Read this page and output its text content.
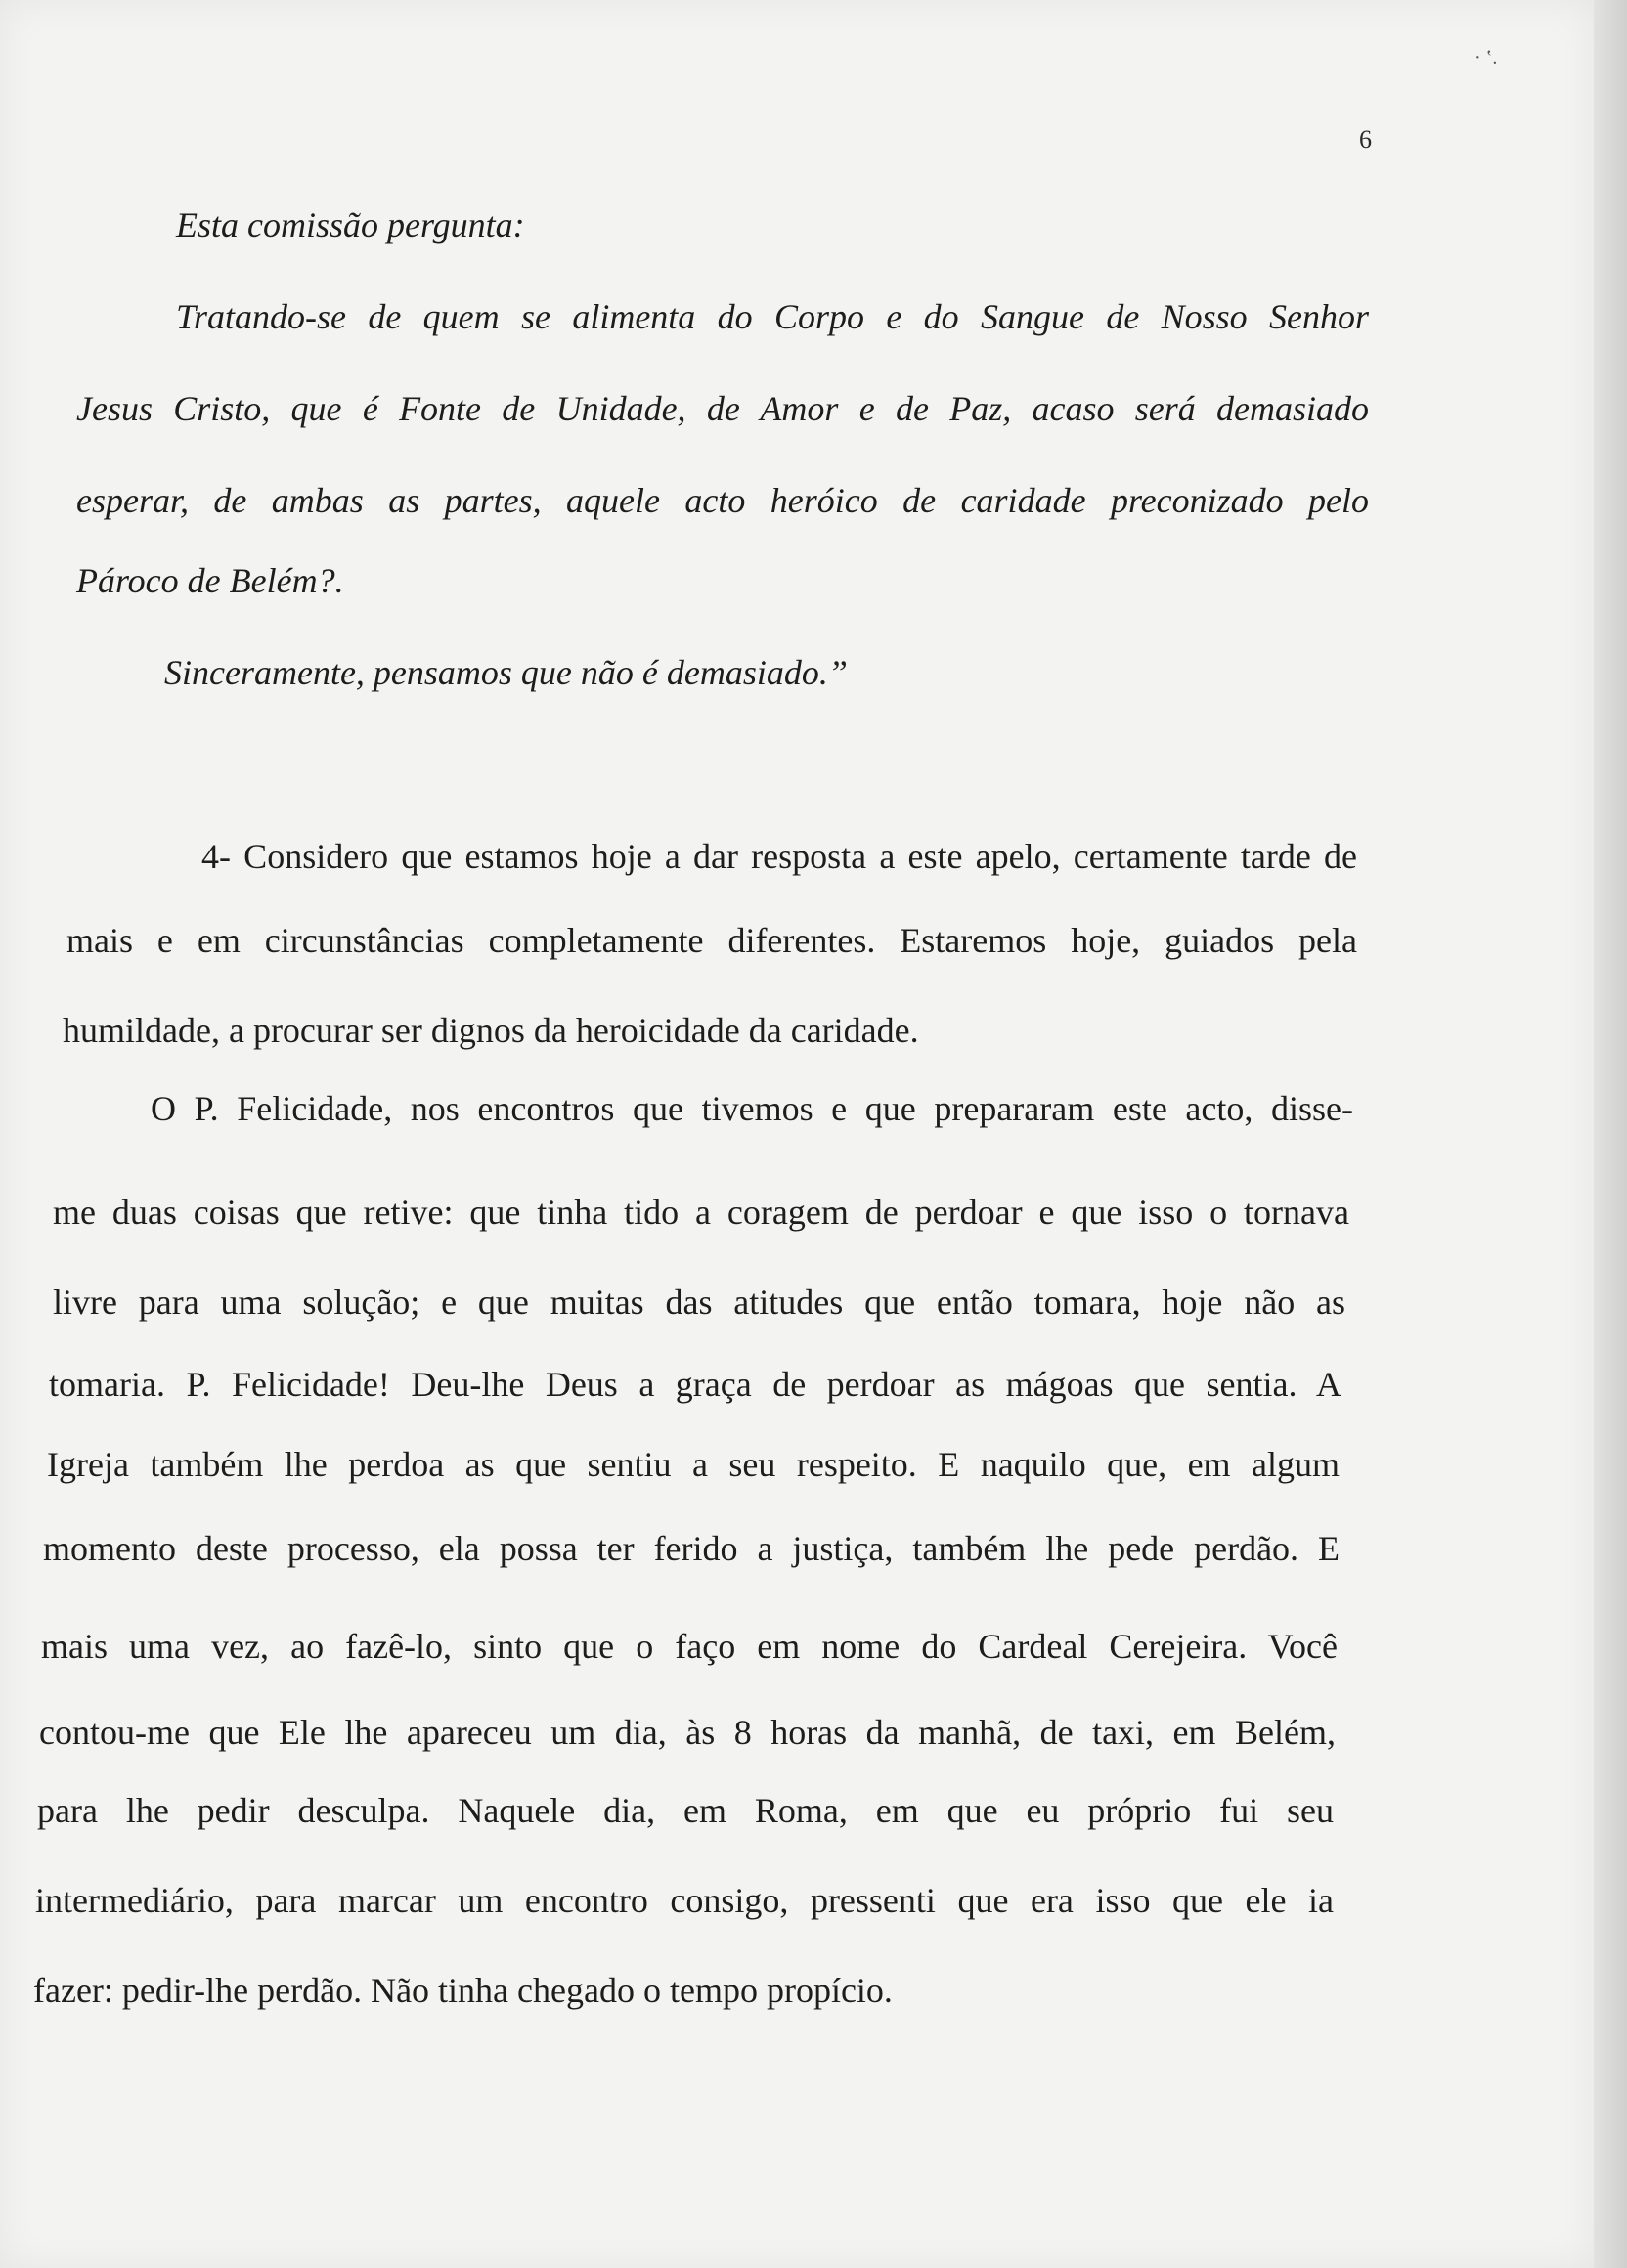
6
· ʽ.
Esta comissão pergunta:
Tratando-se de quem se alimenta do Corpo e do Sangue de Nosso Senhor
Jesus Cristo, que é Fonte de Unidade, de Amor e de Paz, acaso será demasiado
esperar, de ambas as partes, aquele acto heróico de caridade preconizado pelo
Pároco de Belém?.
Sinceramente, pensamos que não é demasiado.”
4- Considero que estamos hoje a dar resposta a este apelo, certamente tarde de
mais e em circunstâncias completamente diferentes. Estaremos hoje, guiados pela
humildade, a procurar ser dignos da heroicidade da caridade.
O P. Felicidade, nos encontros que tivemos e que prepararam este acto, disse-
me duas coisas que retive: que tinha tido a coragem de perdoar e que isso o tornava
livre para uma solução; e que muitas das atitudes que então tomara, hoje não as
tomaria. P. Felicidade! Deu-lhe Deus a graça de perdoar as mágoas que sentia. A
Igreja também lhe perdoa as que sentiu a seu respeito. E naquilo que, em algum
momento deste processo, ela possa ter ferido a justiça, também lhe pede perdão. E
mais uma vez, ao fazê-lo, sinto que o faço em nome do Cardeal Cerejeira. Você
contou-me que Ele lhe apareceu um dia, às 8 horas da manhã, de taxi, em Belém,
para lhe pedir desculpa. Naquele dia, em Roma, em que eu próprio fui seu
intermediário, para marcar um encontro consigo, pressenti que era isso que ele ia
fazer: pedir-lhe perdão. Não tinha chegado o tempo propício.
